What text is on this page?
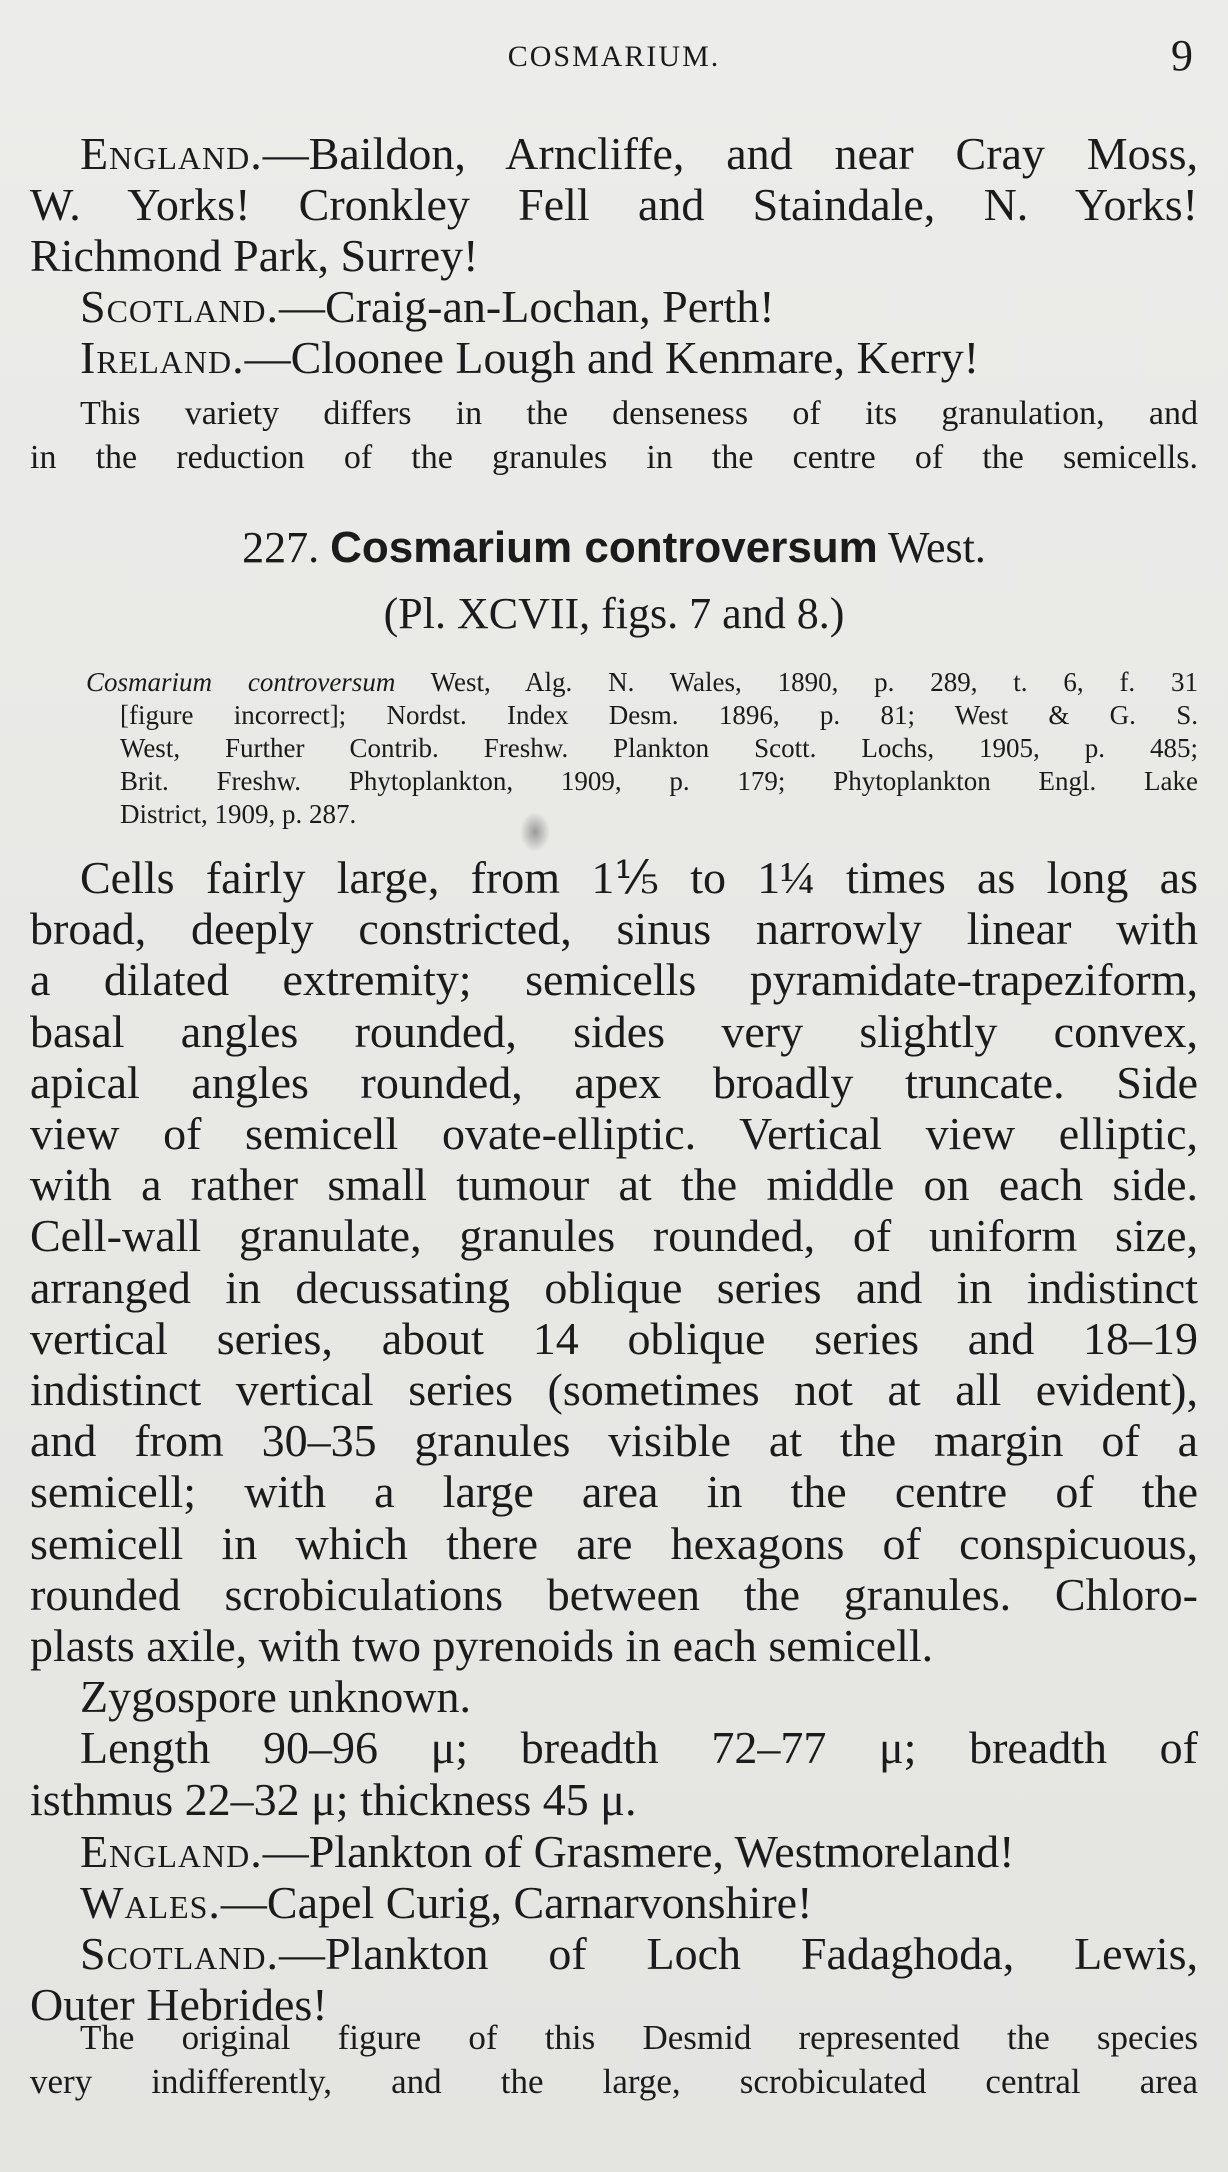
COSMARIUM.	9
England.—Baildon, Arncliffe, and near Cray Moss,
W. Yorks! Cronkley Fell and Staindale, N. Yorks!
Richmond Park, Surrey!
Scotland.—Craig-an-Lochan, Perth!
Ireland.—Cloonee Lough and Kenmare, Kerry!
This variety differs in the denseness of its granulation, and
in the reduction of the granules in the centre of the semicells.
227. Cosmarium controversum West.
(Pl. XCVII, figs. 7 and 8.)
Cosmarium controversum West, Alg. N. Wales, 1890, p. 289, t. 6, f. 31
[figure incorrect]; Nordst. Index Desm. 1896, p. 81; West & G. S.
West, Further Contrib. Freshw. Plankton Scott. Lochs, 1905, p. 485;
Brit. Freshw. Phytoplankton, 1909, p. 179; Phytoplankton Engl. Lake
District, 1909, p. 287.
Cells fairly large, from 1⅕ to 1¼ times as long as
broad, deeply constricted, sinus narrowly linear with
a dilated extremity; semicells pyramidate-trapeziform,
basal angles rounded, sides very slightly convex,
apical angles rounded, apex broadly truncate. Side
view of semicell ovate-elliptic. Vertical view elliptic,
with a rather small tumour at the middle on each side.
Cell-wall granulate, granules rounded, of uniform size,
arranged in decussating oblique series and in indistinct
vertical series, about 14 oblique series and 18–19
indistinct vertical series (sometimes not at all evident),
and from 30–35 granules visible at the margin of a
semicell; with a large area in the centre of the
semicell in which there are hexagons of conspicuous,
rounded scrobiculations between the granules. Chloro-
plasts axile, with two pyrenoids in each semicell.
Zygospore unknown.
Length 90–96 μ; breadth 72–77 μ; breadth of
isthmus 22–32 μ; thickness 45 μ.
England.—Plankton of Grasmere, Westmoreland!
Wales.—Capel Curig, Carnarvonshire!
Scotland.—Plankton of Loch Fadaghoda, Lewis,
Outer Hebrides!
The original figure of this Desmid represented the species
very indifferently, and the large, scrobiculated central area
